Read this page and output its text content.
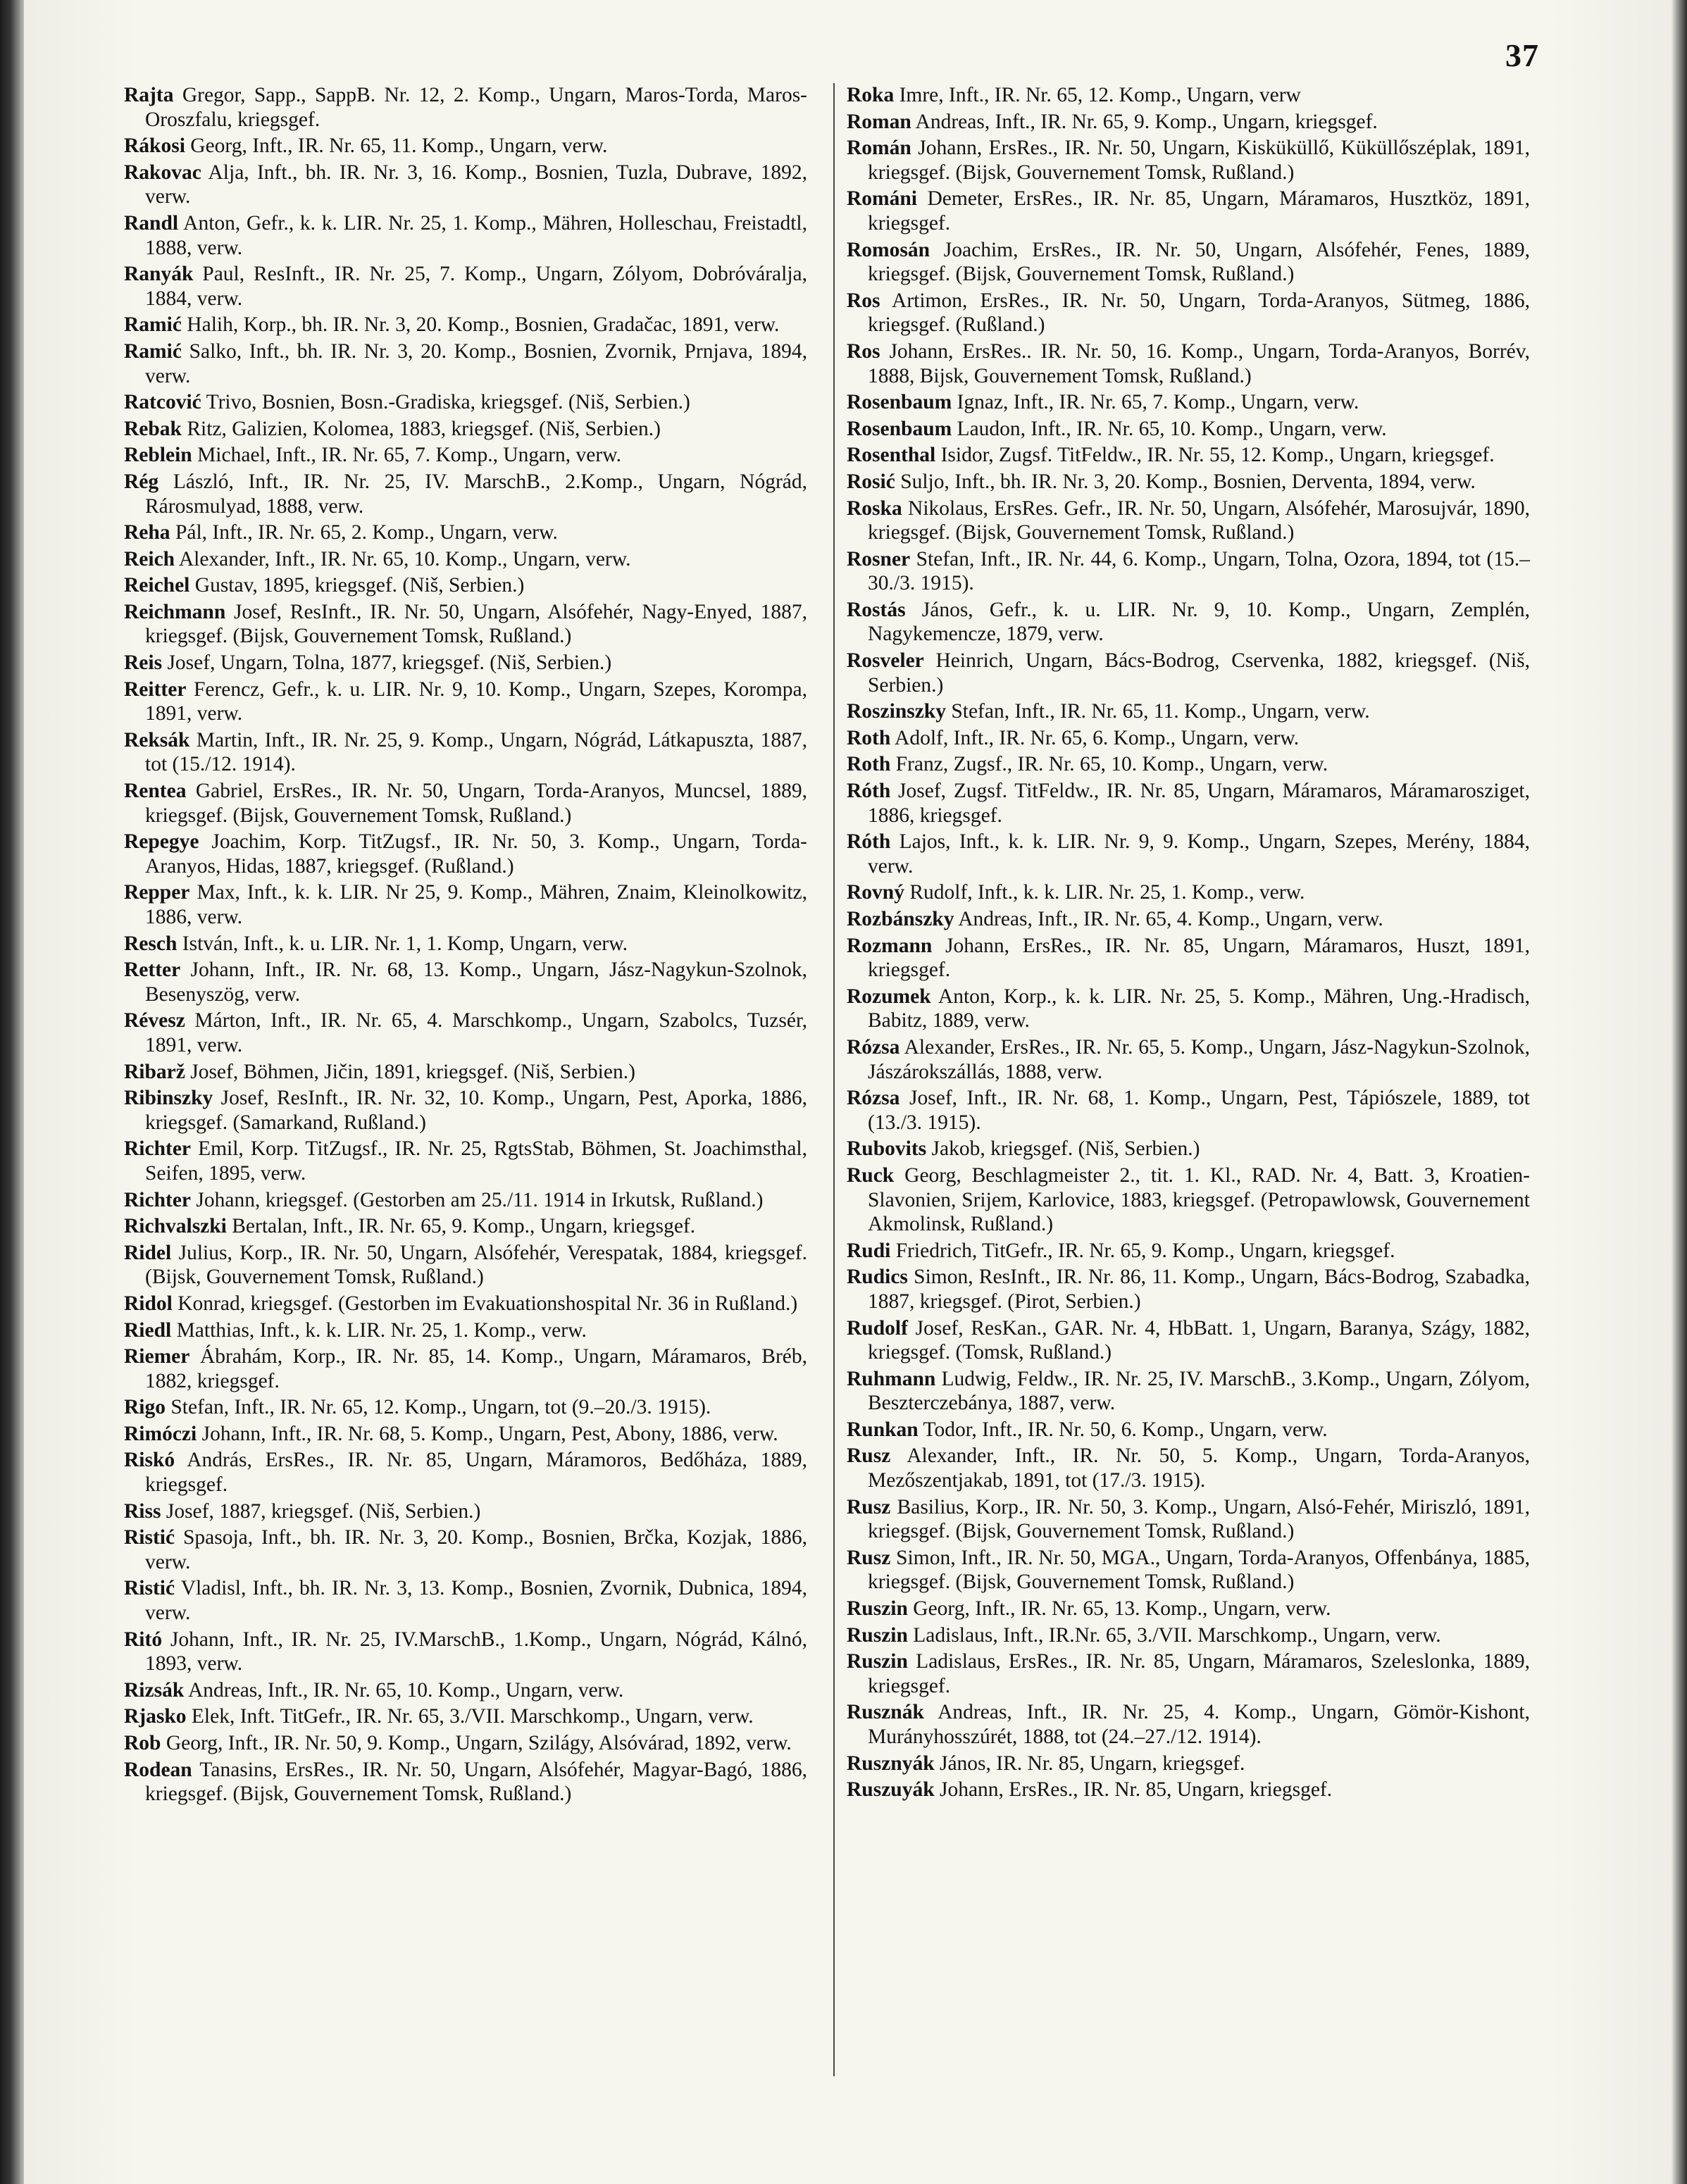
37

Rajta Gregor, Sapp., SappB. Nr. 12, 2. Komp., Ungarn, Maros-Torda, Maros-Oroszfalu, kriegsgef.

Rákosi Georg, Inft., IR. Nr. 65, 11. Komp., Ungarn, verw.

Rakovac Alja, Inft., bh. IR. Nr. 3, 16. Komp., Bosnien, Tuzla, Dubrave, 1892, verw.

Randl Anton, Gefr., k. k. LIR. Nr. 25, 1. Komp., Mähren, Holleschau, Freistadtl, 1888, verw.

Ranyák Paul, ResInft., IR. Nr. 25, 7. Komp., Ungarn, Zólyom, Dobróváralja, 1884, verw.

Ramić Halih, Korp., bh. IR. Nr. 3, 20. Komp., Bosnien, Gradačac, 1891, verw.

Ramić Salko, Inft., bh. IR. Nr. 3, 20. Komp., Bosnien, Zvornik, Prnjava, 1894, verw.

Ratcović Trivo, Bosnien, Bosn.-Gradiska, kriegsgef. (Niš, Serbien.)

Rebak Ritz, Galizien, Kolomea, 1883, kriegsgef. (Niš, Serbien.)

Reblein Michael, Inft., IR. Nr. 65, 7. Komp., Ungarn, verw.

Rég László, Inft., IR. Nr. 25, IV. MarschB., 2.Komp., Ungarn, Nógrád, Rárosmulyad, 1888, verw.

Reha Pál, Inft., IR. Nr. 65, 2. Komp., Ungarn, verw.

Reich Alexander, Inft., IR. Nr. 65, 10. Komp., Ungarn, verw.

Reichel Gustav, 1895, kriegsgef. (Niš, Serbien.)

Reichmann Josef, ResInft., IR. Nr. 50, Ungarn, Alsófehér, Nagy-Enyed, 1887, kriegsgef. (Bijsk, Gouvernement Tomsk, Rußland.)

Reis Josef, Ungarn, Tolna, 1877, kriegsgef. (Niš, Serbien.)

Reitter Ferencz, Gefr., k. u. LIR. Nr. 9, 10. Komp., Ungarn, Szepes, Korompa, 1891, verw.

Reksák Martin, Inft., IR. Nr. 25, 9. Komp., Ungarn, Nógrád, Látkapuszta, 1887, tot (15./12. 1914).

Rentea Gabriel, ErsRes., IR. Nr. 50, Ungarn, Torda-Aranyos, Muncsel, 1889, kriegsgef. (Bijsk, Gouvernement Tomsk, Rußland.)

Repegye Joachim, Korp. TitZugsf., IR. Nr. 50, 3. Komp., Ungarn, Torda-Aranyos, Hidas, 1887, kriegsgef. (Rußland.)

Repper Max, Inft., k. k. LIR. Nr 25, 9. Komp., Mähren, Znaim, Kleinolkowitz, 1886, verw.

Resch István, Inft., k. u. LIR. Nr. 1, 1. Komp, Ungarn, verw.

Retter Johann, Inft., IR. Nr. 68, 13. Komp., Ungarn, Jász-Nagykun-Szolnok, Besenyszög, verw.

Révesz Márton, Inft., IR. Nr. 65, 4. Marschkomp., Ungarn, Szabolcs, Tuzsér, 1891, verw.

Ribarž Josef, Böhmen, Jičin, 1891, kriegsgef. (Niš, Serbien.)

Ribinszky Josef, ResInft., IR. Nr. 32, 10. Komp., Ungarn, Pest, Aporka, 1886, kriegsgef. (Samarkand, Rußland.)

Richter Emil, Korp. TitZugsf., IR. Nr. 25, RgtsStab, Böhmen, St. Joachimsthal, Seifen, 1895, verw.

Richter Johann, kriegsgef. (Gestorben am 25./11. 1914 in Irkutsk, Rußland.)

Richvalszki Bertalan, Inft., IR. Nr. 65, 9. Komp., Ungarn, kriegsgef.

Ridel Julius, Korp., IR. Nr. 50, Ungarn, Alsófehér, Verespatak, 1884, kriegsgef. (Bijsk, Gouvernement Tomsk, Rußland.)

Ridol Konrad, kriegsgef. (Gestorben im Evakuationshospital Nr. 36 in Rußland.)

Riedl Matthias, Inft., k. k. LIR. Nr. 25, 1. Komp., verw.

Riemer Ábrahám, Korp., IR. Nr. 85, 14. Komp., Ungarn, Máramaros, Bréb, 1882, kriegsgef.

Rigo Stefan, Inft., IR. Nr. 65, 12. Komp., Ungarn, tot (9.–20./3. 1915).

Rimóczi Johann, Inft., IR. Nr. 68, 5. Komp., Ungarn, Pest, Abony, 1886, verw.

Riskó András, ErsRes., IR. Nr. 85, Ungarn, Máramoros, Bedőháza, 1889, kriegsgef.

Riss Josef, 1887, kriegsgef. (Niš, Serbien.)

Ristić Spasoja, Inft., bh. IR. Nr. 3, 20. Komp., Bosnien, Brčka, Kozjak, 1886, verw.

Ristić Vladisl, Inft., bh. IR. Nr. 3, 13. Komp., Bosnien, Zvornik, Dubnica, 1894, verw.

Ritó Johann, Inft., IR. Nr. 25, IV.MarschB., 1.Komp., Ungarn, Nógrád, Kálnó, 1893, verw.

Rizsák Andreas, Inft., IR. Nr. 65, 10. Komp., Ungarn, verw.

Rjasko Elek, Inft. TitGefr., IR. Nr. 65, 3./VII. Marschkomp., Ungarn, verw.

Rob Georg, Inft., IR. Nr. 50, 9. Komp., Ungarn, Szilágy, Alsóvárad, 1892, verw.

Rodean Tanasins, ErsRes., IR. Nr. 50, Ungarn, Alsófehér, Magyar-Bagó, 1886, kriegsgef. (Bijsk, Gouvernement Tomsk, Rußland.)

Roka Imre, Inft., IR. Nr. 65, 12. Komp., Ungarn, verw

Roman Andreas, Inft., IR. Nr. 65, 9. Komp., Ungarn, kriegsgef.

Román Johann, ErsRes., IR. Nr. 50, Ungarn, Kisküküllő, Küküllőszéplak, 1891, kriegsgef. (Bijsk, Gouvernement Tomsk, Rußland.)

Románi Demeter, ErsRes., IR. Nr. 85, Ungarn, Máramaros, Husztköz, 1891, kriegsgef.

Romosán Joachim, ErsRes., IR. Nr. 50, Ungarn, Alsófehér, Fenes, 1889, kriegsgef. (Bijsk, Gouvernement Tomsk, Rußland.)

Ros Artimon, ErsRes., IR. Nr. 50, Ungarn, Torda-Aranyos, Sütmeg, 1886, kriegsgef. (Rußland.)

Ros Johann, ErsRes.. IR. Nr. 50, 16. Komp., Ungarn, Torda-Aranyos, Borrév, 1888, Bijsk, Gouvernement Tomsk, Rußland.)

Rosenbaum Ignaz, Inft., IR. Nr. 65, 7. Komp., Ungarn, verw.

Rosenbaum Laudon, Inft., IR. Nr. 65, 10. Komp., Ungarn, verw.

Rosenthal Isidor, Zugsf. TitFeldw., IR. Nr. 55, 12. Komp., Ungarn, kriegsgef.

Rosić Suljo, Inft., bh. IR. Nr. 3, 20. Komp., Bosnien, Derventa, 1894, verw.

Roska Nikolaus, ErsRes. Gefr., IR. Nr. 50, Ungarn, Alsófehér, Marosujvár, 1890, kriegsgef. (Bijsk, Gouvernement Tomsk, Rußland.)

Rosner Stefan, Inft., IR. Nr. 44, 6. Komp., Ungarn, Tolna, Ozora, 1894, tot (15.–30./3. 1915).

Rostás János, Gefr., k. u. LIR. Nr. 9, 10. Komp., Ungarn, Zemplén, Nagykemencze, 1879, verw.

Rosveler Heinrich, Ungarn, Bács-Bodrog, Cservenka, 1882, kriegsgef. (Niš, Serbien.)

Roszinszky Stefan, Inft., IR. Nr. 65, 11. Komp., Ungarn, verw.

Roth Adolf, Inft., IR. Nr. 65, 6. Komp., Ungarn, verw.

Roth Franz, Zugsf., IR. Nr. 65, 10. Komp., Ungarn, verw.

Róth Josef, Zugsf. TitFeldw., IR. Nr. 85, Ungarn, Máramaros, Máramarosziget, 1886, kriegsgef.

Róth Lajos, Inft., k. k. LIR. Nr. 9, 9. Komp., Ungarn, Szepes, Merény, 1884, verw.

Rovný Rudolf, Inft., k. k. LIR. Nr. 25, 1. Komp., verw.

Rozbánszky Andreas, Inft., IR. Nr. 65, 4. Komp., Ungarn, verw.

Rozmann Johann, ErsRes., IR. Nr. 85, Ungarn, Máramaros, Huszt, 1891, kriegsgef.

Rozumek Anton, Korp., k. k. LIR. Nr. 25, 5. Komp., Mähren, Ung.-Hradisch, Babitz, 1889, verw.

Rózsa Alexander, ErsRes., IR. Nr. 65, 5. Komp., Ungarn, Jász-Nagykun-Szolnok, Jászárokszállás, 1888, verw.

Rózsa Josef, Inft., IR. Nr. 68, 1. Komp., Ungarn, Pest, Tápiószele, 1889, tot (13./3. 1915).

Rubovits Jakob, kriegsgef. (Niš, Serbien.)

Ruck Georg, Beschlagmeister 2., tit. 1. Kl., RAD. Nr. 4, Batt. 3, Kroatien-Slavonien, Srijem, Karlovice, 1883, kriegsgef. (Petropawlowsk, Gouvernement Akmolinsk, Rußland.)

Rudi Friedrich, TitGefr., IR. Nr. 65, 9. Komp., Ungarn, kriegsgef.

Rudics Simon, ResInft., IR. Nr. 86, 11. Komp., Ungarn, Bács-Bodrog, Szabadka, 1887, kriegsgef. (Pirot, Serbien.)

Rudolf Josef, ResKan., GAR. Nr. 4, HbBatt. 1, Ungarn, Baranya, Szágy, 1882, kriegsgef. (Tomsk, Rußland.)

Ruhmann Ludwig, Feldw., IR. Nr. 25, IV. MarschB., 3.Komp., Ungarn, Zólyom, Beszterczebánya, 1887, verw.

Runkan Todor, Inft., IR. Nr. 50, 6. Komp., Ungarn, verw.

Rusz Alexander, Inft., IR. Nr. 50, 5. Komp., Ungarn, Torda-Aranyos, Mezőszentjakab, 1891, tot (17./3. 1915).

Rusz Basilius, Korp., IR. Nr. 50, 3. Komp., Ungarn, Alsó-Fehér, Miriszló, 1891, kriegsgef. (Bijsk, Gouvernement Tomsk, Rußland.)

Rusz Simon, Inft., IR. Nr. 50, MGA., Ungarn, Torda-Aranyos, Offenbánya, 1885, kriegsgef. (Bijsk, Gouvernement Tomsk, Rußland.)

Ruszin Georg, Inft., IR. Nr. 65, 13. Komp., Ungarn, verw.

Ruszin Ladislaus, Inft., IR.Nr. 65, 3./VII. Marschkomp., Ungarn, verw.

Ruszin Ladislaus, ErsRes., IR. Nr. 85, Ungarn, Máramaros, Szeleslonka, 1889, kriegsgef.

Rusznák Andreas, Inft., IR. Nr. 25, 4. Komp., Ungarn, Gömör-Kishont, Murányhosszúrét, 1888, tot (24.–27./12. 1914).

Rusznyák János, IR. Nr. 85, Ungarn, kriegsgef.

Ruszuyák Johann, ErsRes., IR. Nr. 85, Ungarn, kriegsgef.
